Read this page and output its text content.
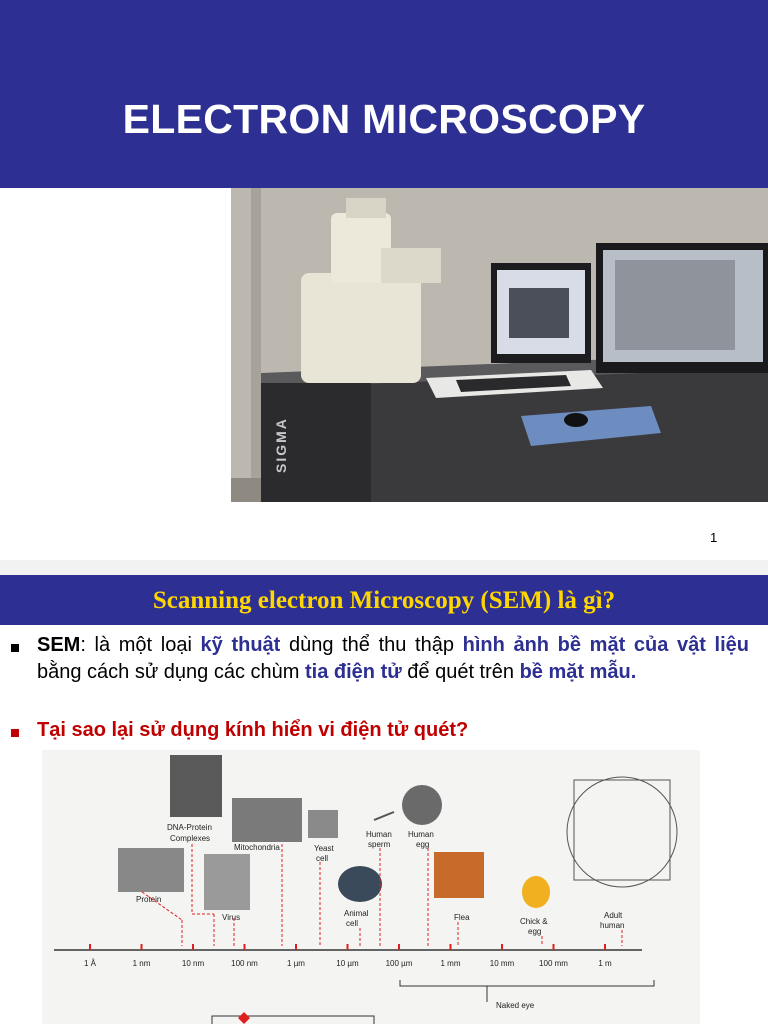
ELECTRON MICROSCOPY
SIGMA
1
Scanning electron Microscopy (SEM) là gì?
SEM: là một loại kỹ thuật dùng thể thu thập hình ảnh bề mặt của vật liệu bằng cách sử dụng các chùm tia điện tử để quét trên bề mặt mẫu.
Tại sao lại sử dụng kính hiển vi điện tử quét?
DNA-Protein
Complexes
Mitochondria	Yeast
cell
Human
sperm
Human
egg
Protein
Virus	Animal
cell
Flea	Chick &
egg
Adult
human
1 Å	1 nm	10 nm	100 nm	1 µm	10 µm	100 µm	1 mm	10 mm	100 mm	1 m
Naked eye
